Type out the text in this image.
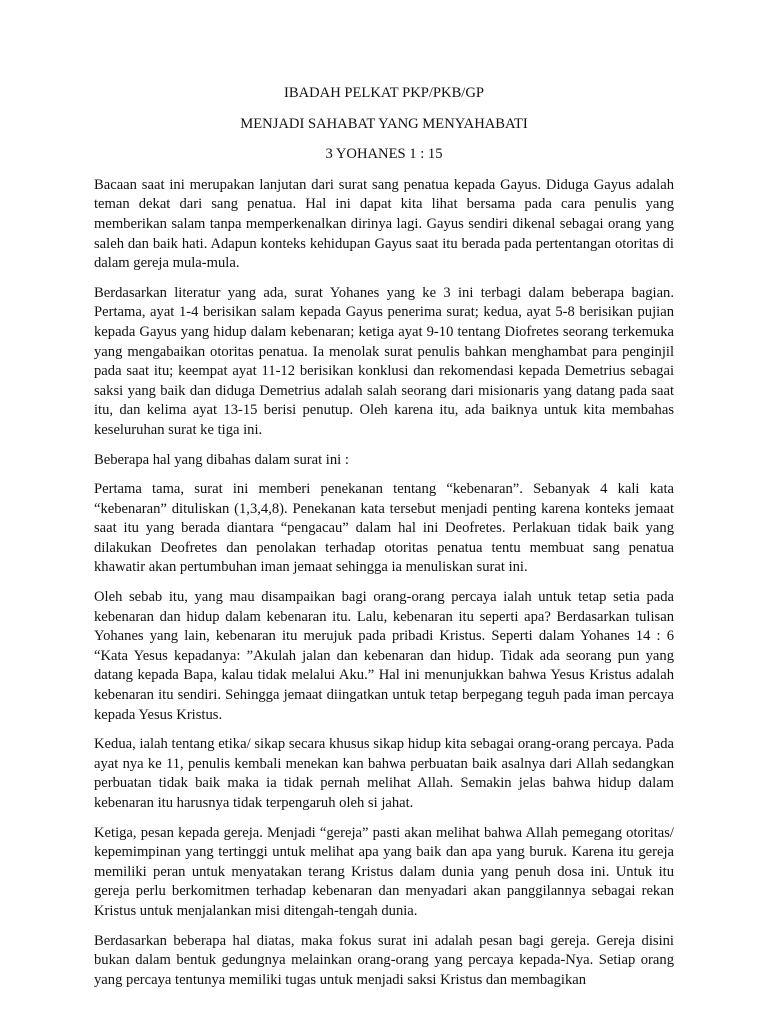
IBADAH PELKAT PKP/PKB/GP
MENJADI SAHABAT YANG MENYAHABATI
3 YOHANES 1 : 15

Bacaan saat ini merupakan lanjutan dari surat sang penatua kepada Gayus. Diduga Gayus adalah teman dekat dari sang penatua. Hal ini dapat kita lihat bersama pada cara penulis yang memberikan salam tanpa memperkenalkan dirinya lagi. Gayus sendiri dikenal sebagai orang yang saleh dan baik hati. Adapun konteks kehidupan Gayus saat itu berada pada pertentangan otoritas di dalam gereja mula-mula.

Berdasarkan literatur yang ada, surat Yohanes yang ke 3 ini terbagi dalam beberapa bagian. Pertama, ayat 1-4 berisikan salam kepada Gayus penerima surat; kedua, ayat 5-8 berisikan pujian kepada Gayus yang hidup dalam kebenaran; ketiga ayat 9-10 tentang Diofretes seorang terkemuka yang mengabaikan otoritas penatua. Ia menolak surat penulis bahkan menghambat para penginjil pada saat itu; keempat ayat 11-12 berisikan konklusi dan rekomendasi kepada Demetrius sebagai saksi yang baik dan diduga Demetrius adalah salah seorang dari misionaris yang datang pada saat itu, dan kelima ayat 13-15 berisi penutup. Oleh karena itu, ada baiknya untuk kita membahas keseluruhan surat ke tiga ini.

Beberapa hal yang dibahas dalam surat ini :

Pertama tama, surat ini memberi penekanan tentang “kebenaran”. Sebanyak 4 kali kata “kebenaran” dituliskan (1,3,4,8). Penekanan kata tersebut menjadi penting karena konteks jemaat saat itu yang berada diantara “pengacau” dalam hal ini Deofretes. Perlakuan tidak baik yang dilakukan Deofretes dan penolakan terhadap otoritas penatua tentu membuat sang penatua khawatir akan pertumbuhan iman jemaat sehingga ia menuliskan surat ini.

Oleh sebab itu, yang mau disampaikan bagi orang-orang percaya ialah untuk tetap setia pada kebenaran dan hidup dalam kebenaran itu. Lalu, kebenaran itu seperti apa? Berdasarkan tulisan Yohanes yang lain, kebenaran itu merujuk pada pribadi Kristus. Seperti dalam Yohanes 14 : 6 “Kata Yesus kepadanya: ”Akulah jalan dan kebenaran dan hidup. Tidak ada seorang pun yang datang kepada Bapa, kalau tidak melalui Aku.” Hal ini menunjukkan bahwa Yesus Kristus adalah kebenaran itu sendiri. Sehingga jemaat diingatkan untuk tetap berpegang teguh pada iman percaya kepada Yesus Kristus.

Kedua, ialah tentang etika/ sikap secara khusus sikap hidup kita sebagai orang-orang percaya. Pada ayat nya ke 11, penulis kembali menekan kan bahwa perbuatan baik asalnya dari Allah sedangkan perbuatan tidak baik maka ia tidak pernah melihat Allah. Semakin jelas bahwa hidup dalam kebenaran itu harusnya tidak terpengaruh oleh si jahat.

Ketiga, pesan kepada gereja. Menjadi “gereja” pasti akan melihat bahwa Allah pemegang otoritas/ kepemimpinan yang tertinggi untuk melihat apa yang baik dan apa yang buruk. Karena itu gereja memiliki peran untuk menyatakan terang Kristus dalam dunia yang penuh dosa ini. Untuk itu gereja perlu berkomitmen terhadap kebenaran dan menyadari akan panggilannya sebagai rekan Kristus untuk menjalankan misi ditengah-tengah dunia.

Berdasarkan beberapa hal diatas, maka fokus surat ini adalah pesan bagi gereja. Gereja disini bukan dalam bentuk gedungnya melainkan orang-orang yang percaya kepada-Nya. Setiap orang yang percaya tentunya memiliki tugas untuk menjadi saksi Kristus dan membagikan
